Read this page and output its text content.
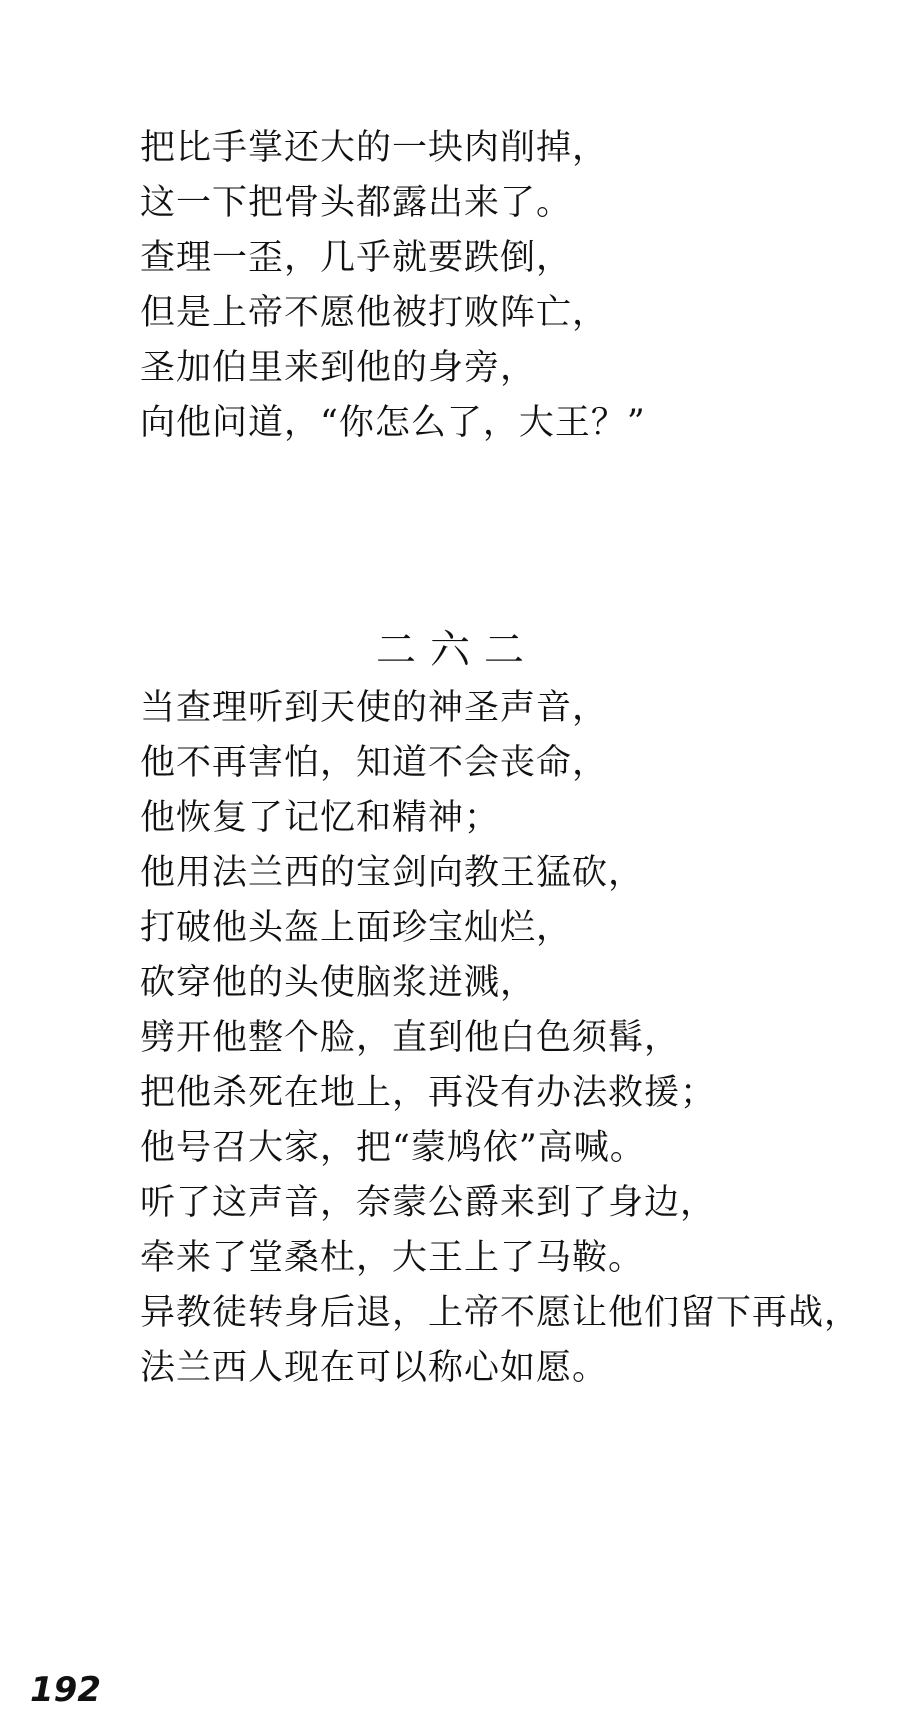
把比手掌还大的一块肉削掉，
这一下把骨头都露出来了。
查理一歪，几乎就要跌倒，
但是上帝不愿他被打败阵亡，
圣加伯里来到他的身旁，
向他问道，“你怎么了，大王？”
二六二
当查理听到天使的神圣声音，
他不再害怕，知道不会丧命，
他恢复了记忆和精神；
他用法兰西的宝剑向教王猛砍，
打破他头盔上面珍宝灿烂，
砍穿他的头使脑浆迸溅，
劈开他整个脸，直到他白色须髯，
把他杀死在地上，再没有办法救援；
他号召大家，把“蒙鸠依”高喊。
听了这声音，奈蒙公爵来到了身边，
牵来了堂桑杜，大王上了马鞍。
异教徒转身后退，上帝不愿让他们留下再战，
法兰西人现在可以称心如愿。
192
